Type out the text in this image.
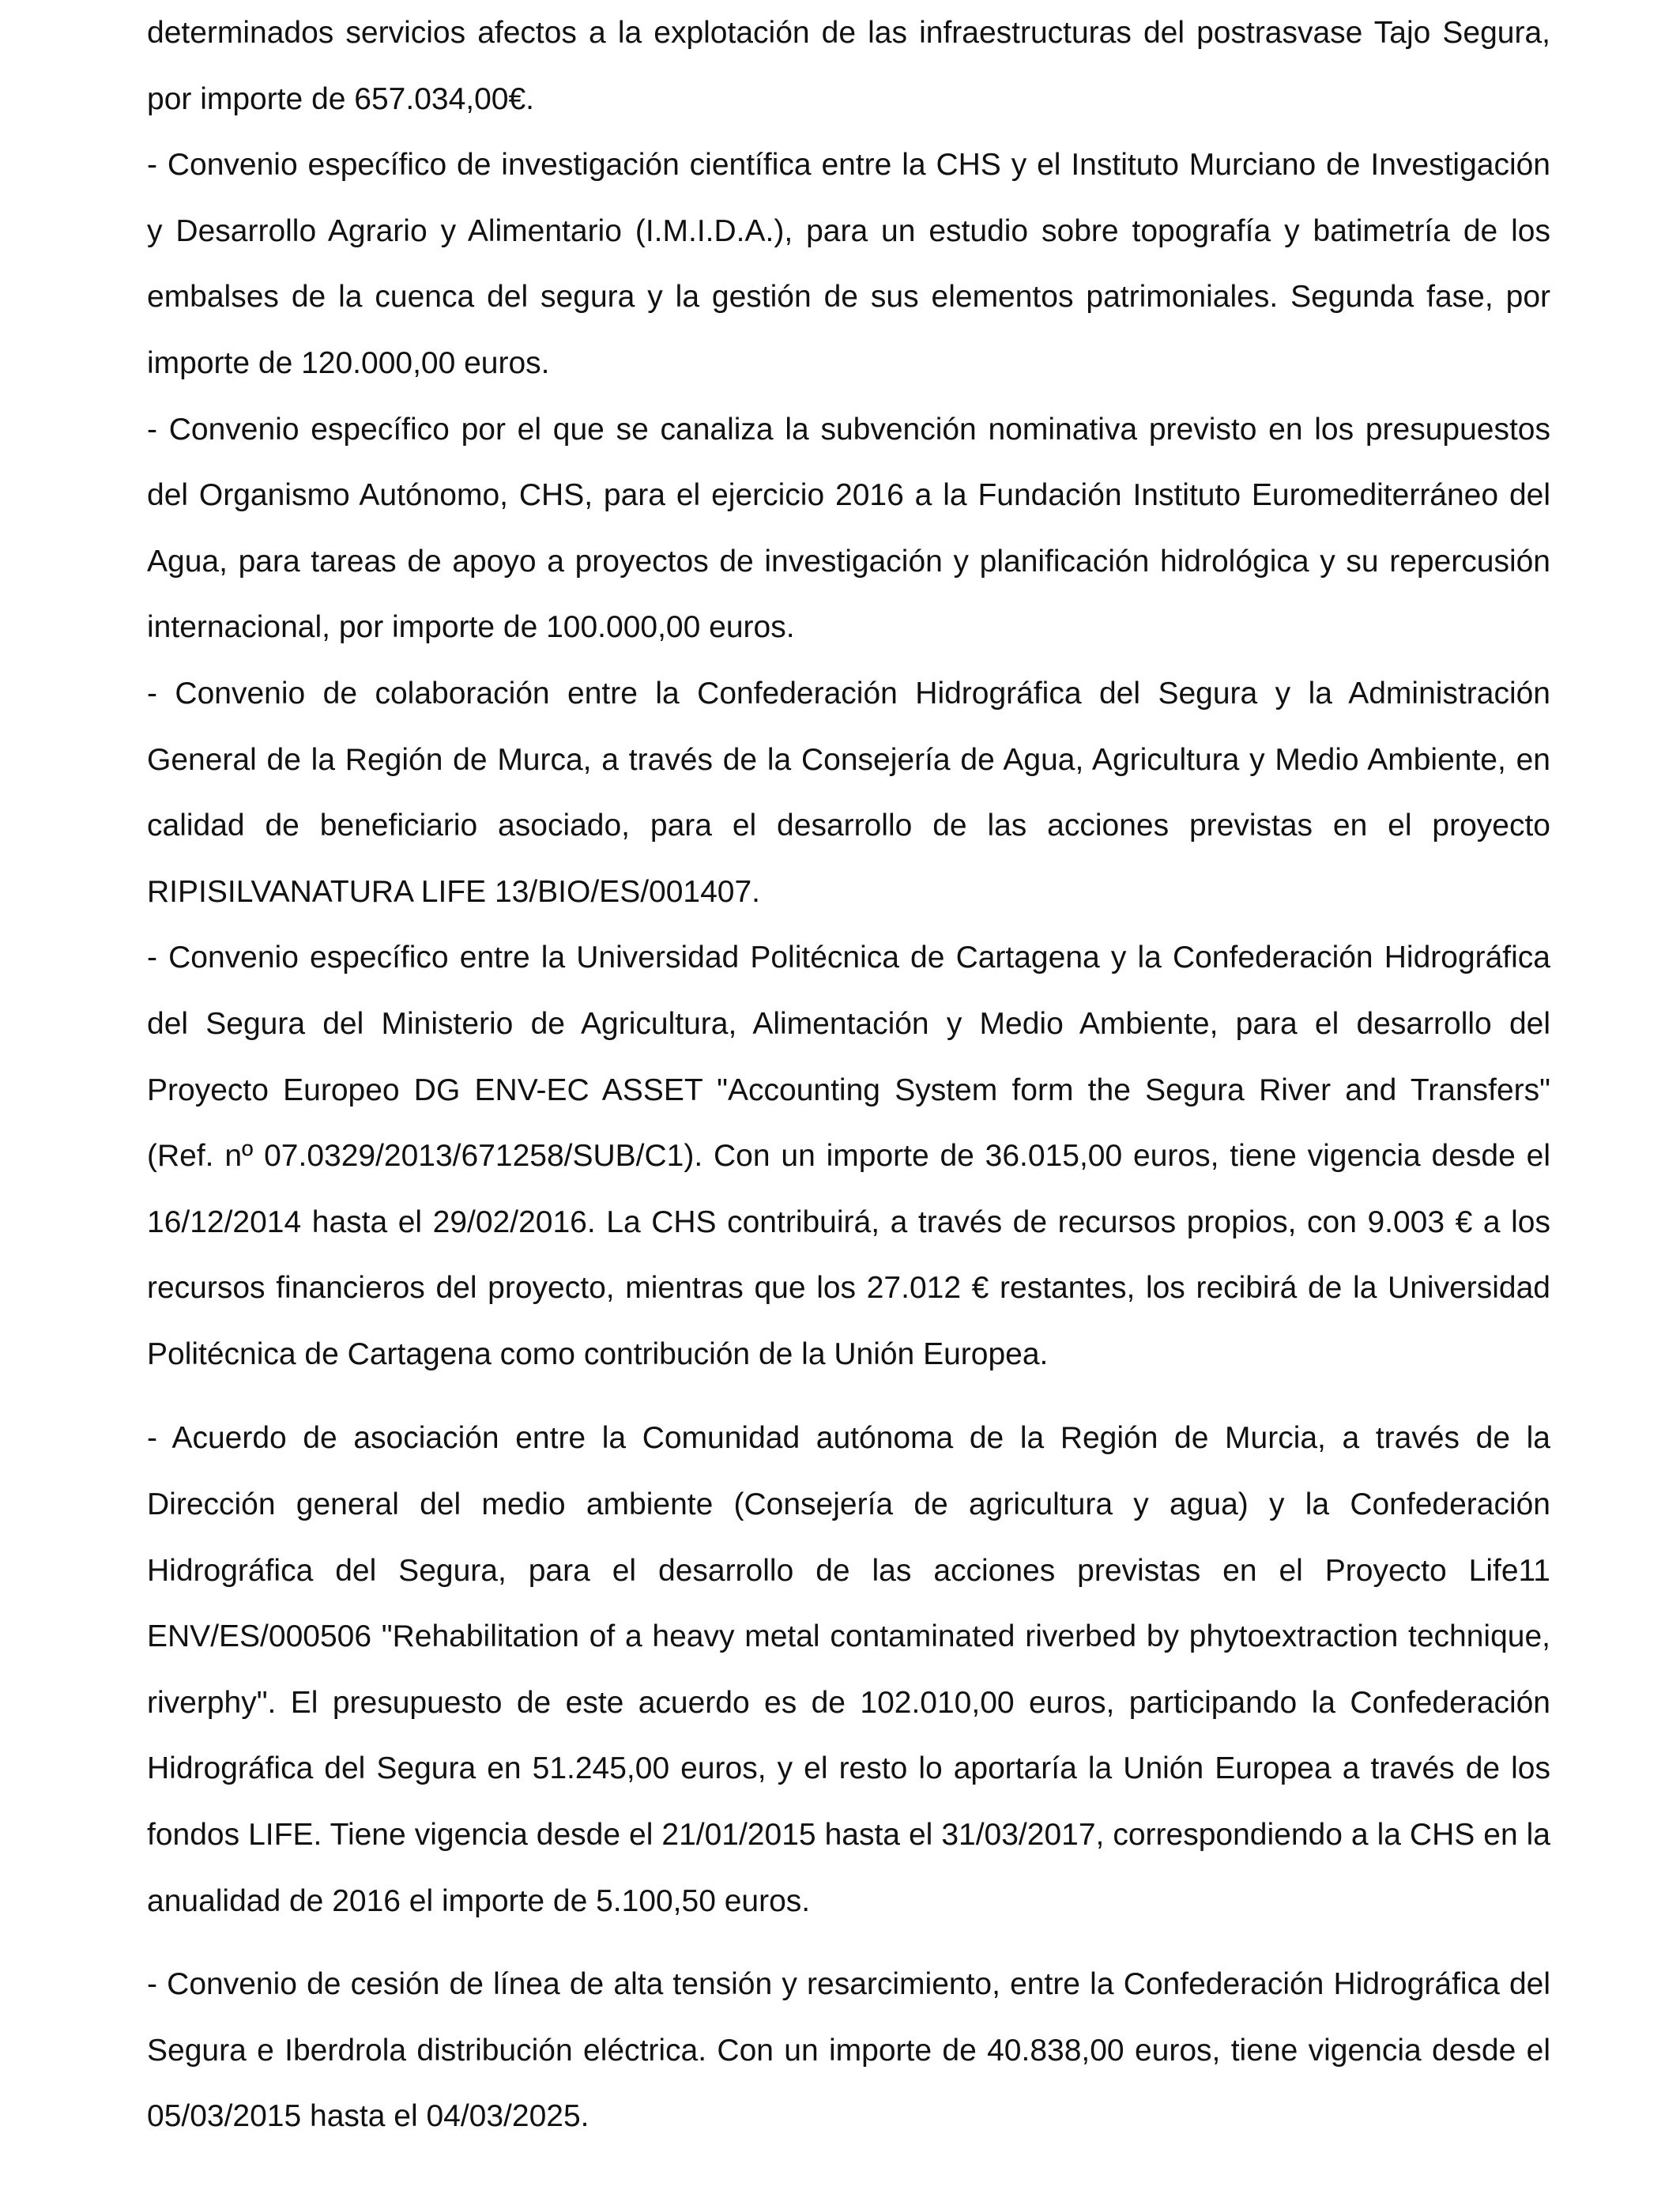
determinados servicios afectos a la explotación de las infraestructuras del postrasvase Tajo Segura, por importe de 657.034,00€.

- Convenio específico de investigación científica entre la CHS y el Instituto Murciano de Investigación y Desarrollo Agrario y Alimentario (I.M.I.D.A.), para un estudio sobre topografía y batimetría de los embalses de la cuenca del segura y la gestión de sus elementos patrimoniales. Segunda fase, por importe de 120.000,00 euros.

- Convenio específico por el que se canaliza la subvención nominativa previsto en los presupuestos del Organismo Autónomo, CHS, para el ejercicio 2016 a la Fundación Instituto Euromediterráneo del Agua, para tareas de apoyo a proyectos de investigación y planificación hidrológica y su repercusión internacional, por importe de 100.000,00 euros.

- Convenio de colaboración entre la Confederación Hidrográfica del Segura y la Administración General de la Región de Murca, a través de la Consejería de Agua, Agricultura y Medio Ambiente, en calidad de beneficiario asociado, para el desarrollo de las acciones previstas en el proyecto RIPISILVANATURA LIFE 13/BIO/ES/001407.

- Convenio específico entre la Universidad Politécnica de Cartagena y la Confederación Hidrográfica del Segura del Ministerio de Agricultura, Alimentación y Medio Ambiente, para el desarrollo del Proyecto Europeo DG ENV-EC ASSET "Accounting System form the Segura River and Transfers" (Ref. nº 07.0329/2013/671258/SUB/C1). Con un importe de 36.015,00 euros, tiene vigencia desde el 16/12/2014 hasta el 29/02/2016. La CHS contribuirá, a través de recursos propios, con 9.003 € a los recursos financieros del proyecto, mientras que los 27.012 € restantes, los recibirá de la Universidad Politécnica de Cartagena como contribución de la Unión Europea.

- Acuerdo de asociación entre la Comunidad autónoma de la Región de Murcia, a través de la Dirección general del medio ambiente (Consejería de agricultura y agua) y la Confederación Hidrográfica del Segura, para el desarrollo de las acciones previstas en el Proyecto Life11 ENV/ES/000506 "Rehabilitation of a heavy metal contaminated riverbed by phytoextraction technique, riverphy". El presupuesto de este acuerdo es de 102.010,00 euros, participando la Confederación Hidrográfica del Segura en 51.245,00 euros, y el resto lo aportaría la Unión Europea a través de los fondos LIFE. Tiene vigencia desde el 21/01/2015 hasta el 31/03/2017, correspondiendo a la CHS en la anualidad de 2016 el importe de 5.100,50 euros.

- Convenio de cesión de línea de alta tensión y resarcimiento, entre la Confederación Hidrográfica del Segura e Iberdrola distribución eléctrica. Con un importe de 40.838,00 euros, tiene vigencia desde el 05/03/2015 hasta el 04/03/2025.
